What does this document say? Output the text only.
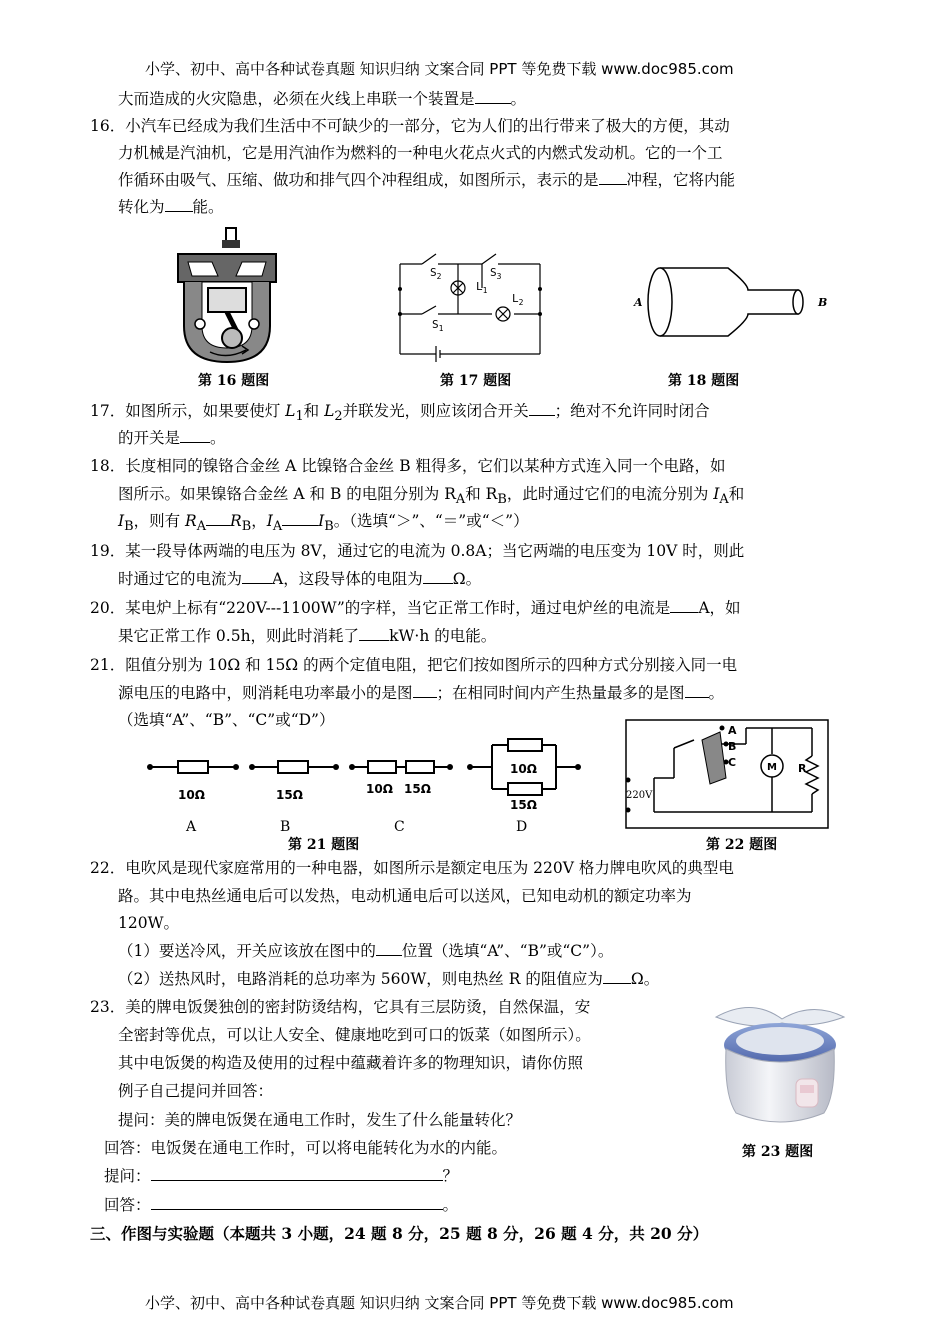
小学、初中、高中各种试卷真题 知识归纳 文案合同 PPT 等免费下载 www.doc985.com
大而造成的火灾隐患，必须在火线上串联一个装置是 。
16．小汽车已经成为我们生活中不可缺少的一部分，它为人们的出行带来了极大的方便，其动
力机械是汽油机，它是用汽油作为燃料的一种电火花点火式的内燃式发动机。它的一个工
作循环由吸气、压缩、做功和排气四个冲程组成，如图所示，表示的是 冲程，它将内能
转化为 能。
第 16 题图
$S_2$	$S_3$
$L_1$
$L_2$
$S_1$
第 17 题图
A	B
第 18 题图
17．如图所示，如果要使灯 $L_1$和 $L_2$并联发光，则应该闭合开关 ；绝对不允许同时闭合
的开关是 。
18．长度相同的镍铬合金丝 A 比镍铬合金丝 B 粗得多，它们以某种方式连入同一个电路，如
图所示。如果镍铬合金丝 A 和 B 的电阻分别为 $R_A$和 $R_B$，此时通过它们的电流分别为 $I_A$和
$I_B$，则有 $R_A$ $R_B$，$I_A$ $I_B$。（选填“＞”、“＝”或“＜”）
19．某一段导体两端的电压为 8V，通过它的电流为 0.8A；当它两端的电压变为 10V 时，则此
时通过它的电流为 A，这段导体的电阻为 Ω。
20．某电炉上标有“220V---1100W”的字样，当它正常工作时，通过电炉丝的电流是 A，如
果它正常工作 0.5h，则此时消耗了 kW·h 的电能。
21．阻值分别为 10Ω 和 15Ω 的两个定值电阻，把它们按如图所示的四种方式分别接入同一电
源电压的电路中，则消耗电功率最小的是图 ；在相同时间内产生热量最多的是图 。
（选填“A”、“B”、“C”或“D”）
10Ω	15Ω	10Ω 15Ω
10Ω
15Ω
A	B	C	D
第 21 题图
A
B
C	R
M
220V
第 22 题图
22．电吹风是现代家庭常用的一种电器，如图所示是额定电压为 220V 格力牌电吹风的典型电
路。其中电热丝通电后可以发热，电动机通电后可以送风，已知电动机的额定功率为
120W。
（1）要送冷风，开关应该放在图中的 位置（选填“A”、“B”或“C”）。
（2）送热风时，电路消耗的总功率为 560W，则电热丝 R 的阻值应为 Ω。
23．美的牌电饭煲独创的密封防烫结构，它具有三层防烫，自然保温，安
全密封等优点，可以让人安全、健康地吃到可口的饭菜（如图所示）。
其中电饭煲的构造及使用的过程中蕴藏着许多的物理知识，请你仿照
例子自己提问并回答：
提问：美的牌电饭煲在通电工作时，发生了什么能量转化？
回答：电饭煲在通电工作时，可以将电能转化为水的内能。
提问：	？
回答：	。
第 23 题图
三、作图与实验题（本题共 3 小题，24 题 8 分，25 题 8 分，26 题 4 分，共 20 分）
小学、初中、高中各种试卷真题 知识归纳 文案合同 PPT 等免费下载 www.doc985.com
